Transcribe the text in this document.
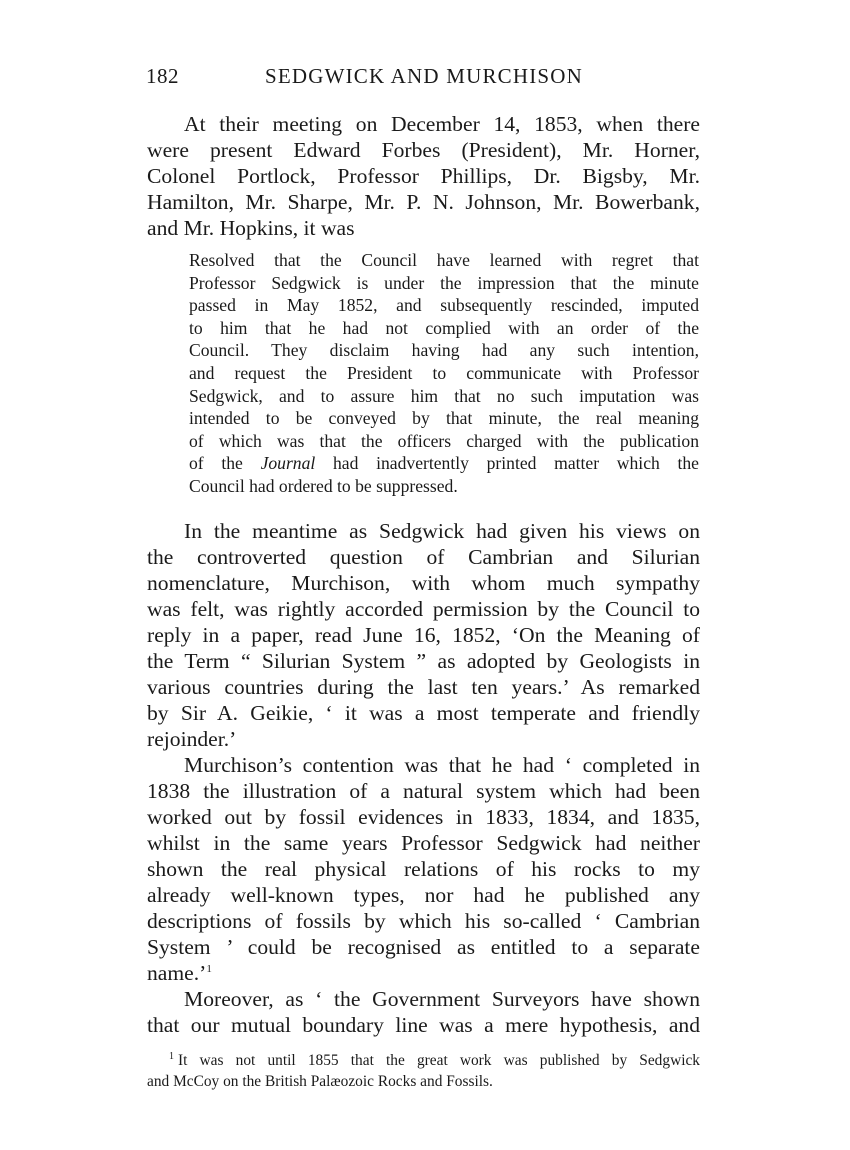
182	SEDGWICK AND MURCHISON
At their meeting on December 14, 1853, when there
were present Edward Forbes (President), Mr. Horner,
Colonel Portlock, Professor Phillips, Dr. Bigsby, Mr.
Hamilton, Mr. Sharpe, Mr. P. N. Johnson, Mr. Bowerbank,
and Mr. Hopkins, it was
Resolved that the Council have learned with regret that
Professor Sedgwick is under the impression that the minute
passed in May 1852, and subsequently rescinded, imputed
to him that he had not complied with an order of the
Council. They disclaim having had any such intention,
and request the President to communicate with Professor
Sedgwick, and to assure him that no such imputation was
intended to be conveyed by that minute, the real meaning
of which was that the officers charged with the publication
of the Journal had inadvertently printed matter which the
Council had ordered to be suppressed.
In the meantime as Sedgwick had given his views on
the controverted question of Cambrian and Silurian
nomenclature, Murchison, with whom much sympathy
was felt, was rightly accorded permission by the Council to
reply in a paper, read June 16, 1852, ‘On the Meaning of
the Term “ Silurian System ” as adopted by Geologists in
various countries during the last ten years.’ As remarked
by Sir A. Geikie, ‘ it was a most temperate and friendly
rejoinder.’
Murchison’s contention was that he had ‘ completed in
1838 the illustration of a natural system which had been
worked out by fossil evidences in 1833, 1834, and 1835,
whilst in the same years Professor Sedgwick had neither
shown the real physical relations of his rocks to my
already well-known types, nor had he published any
descriptions of fossils by which his so-called ‘ Cambrian
System ’ could be recognised as entitled to a separate
name.’$^1$
Moreover, as ‘ the Government Surveyors have shown
that our mutual boundary line was a mere hypothesis, and
$^1$ It was not until 1855 that the great work was published by Sedgwick
and McCoy on the British Palæozoic Rocks and Fossils.
